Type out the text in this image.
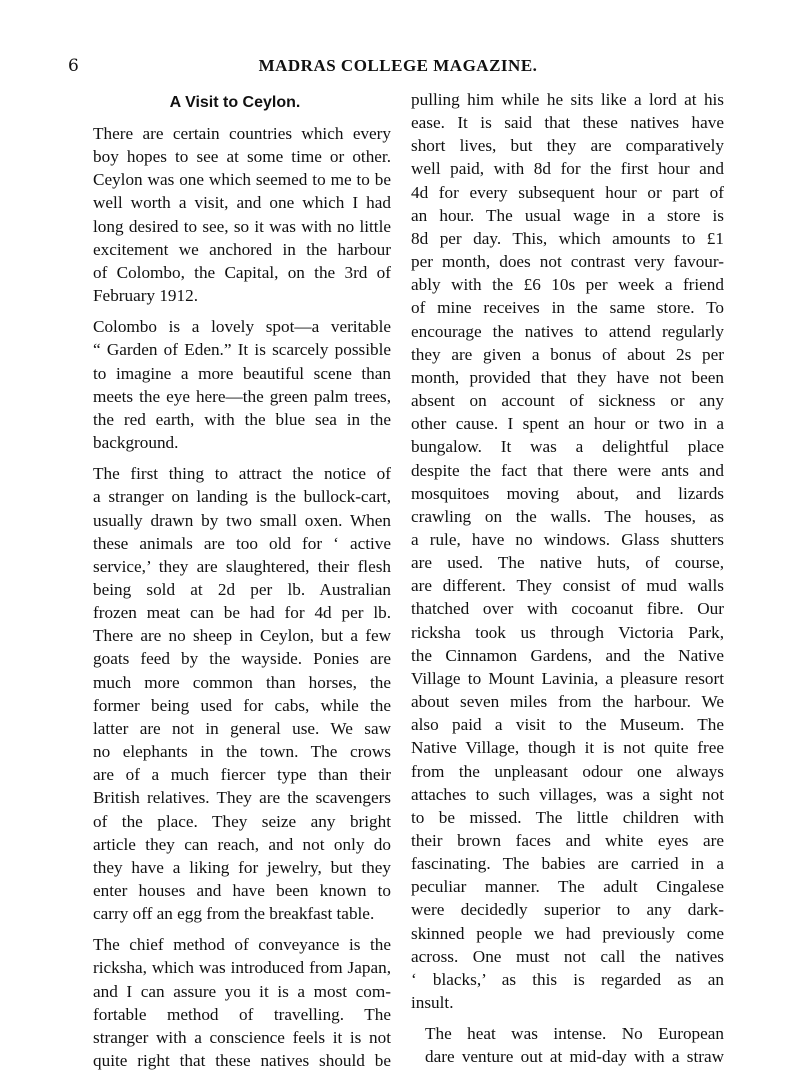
6	MADRAS COLLEGE MAGAZINE.
A Visit to Ceylon.
There are certain countries which every
boy hopes to see at some time or other.
Ceylon was one which seemed to me to be
well worth a visit, and one which I had
long desired to see, so it was with no little
excitement we anchored in the harbour
of Colombo, the Capital, on the 3rd of
February 1912.
Colombo is a lovely spot—a veritable
“ Garden of Eden.” It is scarcely possible
to imagine a more beautiful scene than
meets the eye here—the green palm trees,
the red earth, with the blue sea in the
background.
The first thing to attract the notice of
a stranger on landing is the bullock-cart,
usually drawn by two small oxen. When
these animals are too old for ‘ active
service,’ they are slaughtered, their flesh
being sold at 2d per lb. Australian
frozen meat can be had for 4d per lb.
There are no sheep in Ceylon, but a few
goats feed by the wayside. Ponies are
much more common than horses, the
former being used for cabs, while the
latter are not in general use. We saw
no elephants in the town. The crows
are of a much fiercer type than their
British relatives. They are the scavengers
of the place. They seize any bright
article they can reach, and not only do
they have a liking for jewelry, but they
enter houses and have been known to
carry off an egg from the breakfast table.
The chief method of conveyance is the
ricksha, which was introduced from Japan,
and I can assure you it is a most com-
fortable method of travelling. The
stranger with a conscience feels it is not
quite right that these natives should be
pulling him while he sits like a lord at his
ease. It is said that these natives have
short lives, but they are comparatively
well paid, with 8d for the first hour and
4d for every subsequent hour or part of
an hour. The usual wage in a store is
8d per day. This, which amounts to £1
per month, does not contrast very favour-
ably with the £6 10s per week a friend
of mine receives in the same store. To
encourage the natives to attend regularly
they are given a bonus of about 2s per
month, provided that they have not been
absent on account of sickness or any
other cause. I spent an hour or two in a
bungalow. It was a delightful place
despite the fact that there were ants and
mosquitoes moving about, and lizards
crawling on the walls. The houses, as
a rule, have no windows. Glass shutters
are used. The native huts, of course,
are different. They consist of mud walls
thatched over with cocoanut fibre. Our
ricksha took us through Victoria Park,
the Cinnamon Gardens, and the Native
Village to Mount Lavinia, a pleasure resort
about seven miles from the harbour. We
also paid a visit to the Museum. The
Native Village, though it is not quite free
from the unpleasant odour one always
attaches to such villages, was a sight not
to be missed. The little children with
their brown faces and white eyes are
fascinating. The babies are carried in a
peculiar manner. The adult Cingalese
were decidedly superior to any dark-
skinned people we had previously come
across. One must not call the natives
‘ blacks,’ as this is regarded as an
insult.
The heat was intense. No European
dare venture out at mid-day with a straw
